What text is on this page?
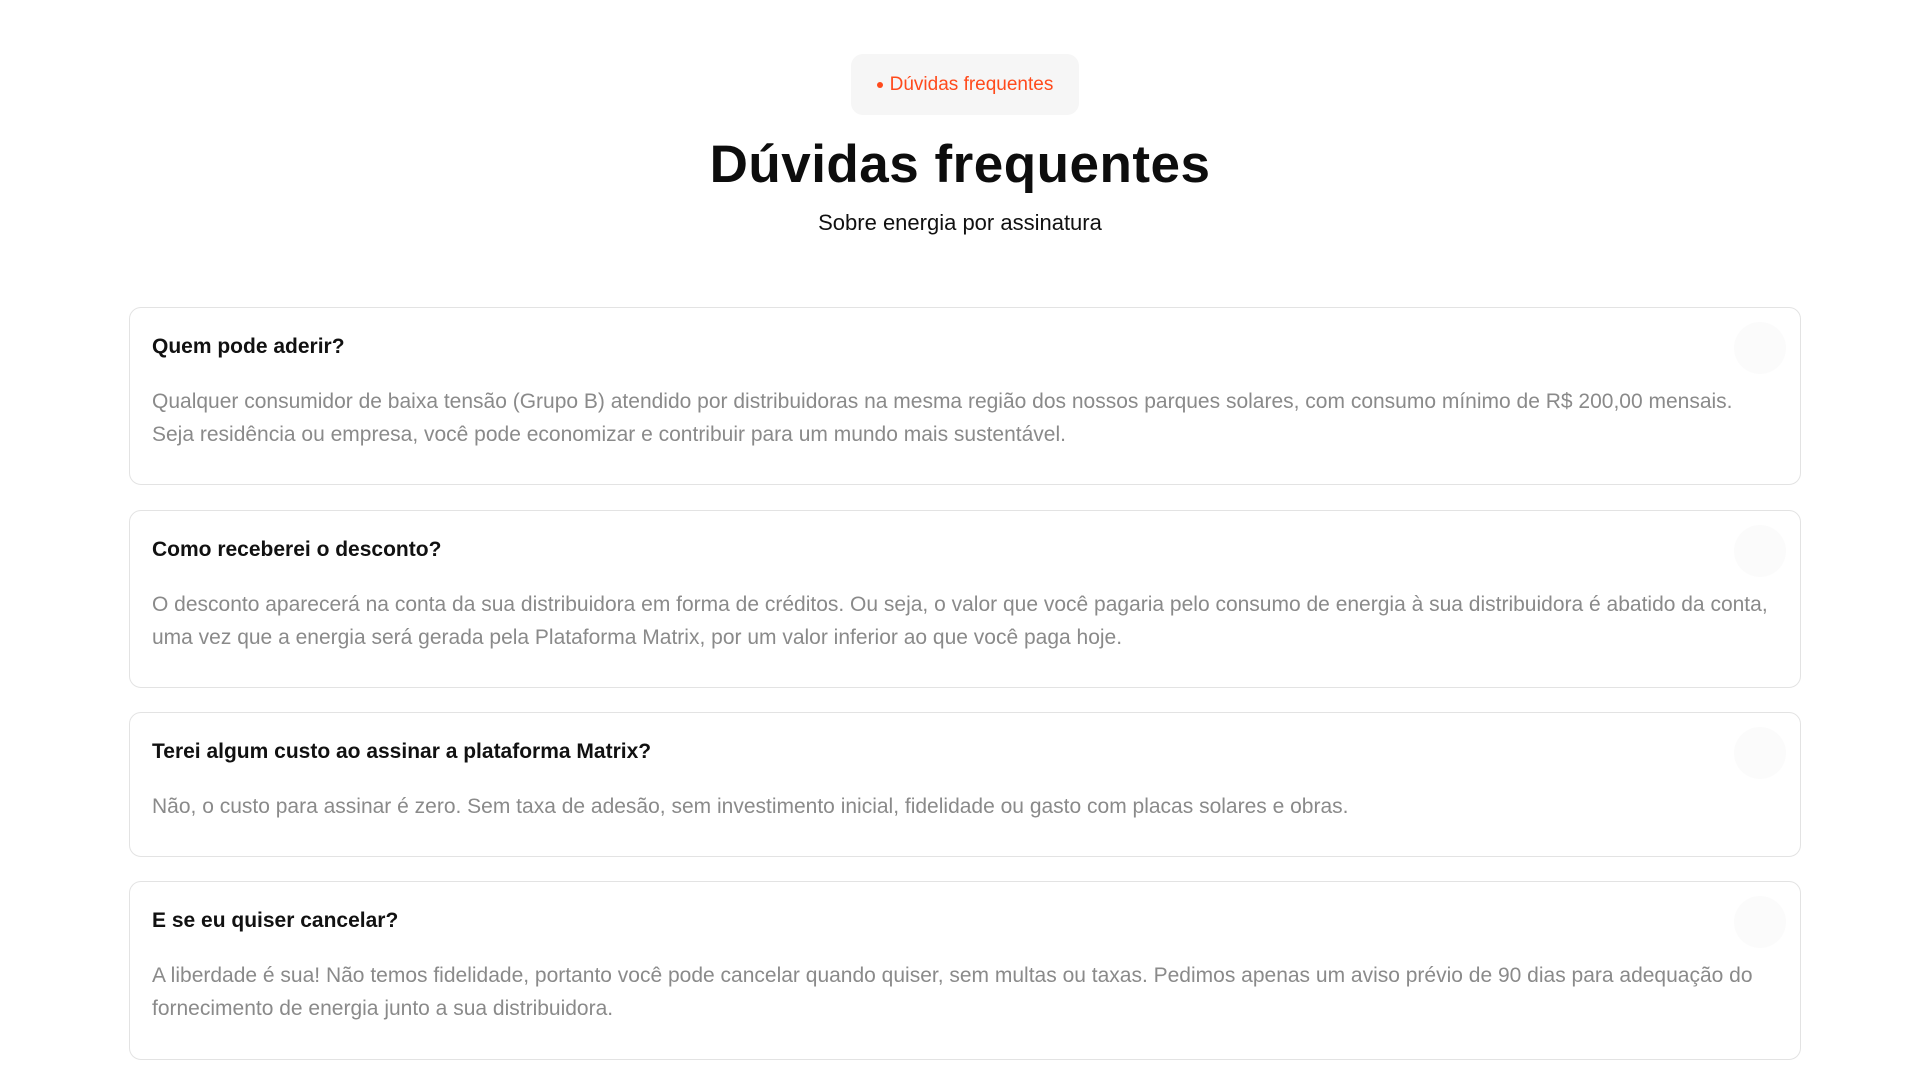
Dúvidas frequentes
Dúvidas frequentes
Sobre energia por assinatura
Quem pode aderir?
Qualquer consumidor de baixa tensão (Grupo B) atendido por distribuidoras na mesma região dos nossos parques solares, com consumo mínimo de R$ 200,00 mensais. Seja residência ou empresa, você pode economizar e contribuir para um mundo mais sustentável.
Como receberei o desconto?
O desconto aparecerá na conta da sua distribuidora em forma de créditos. Ou seja, o valor que você pagaria pelo consumo de energia à sua distribuidora é abatido da conta, uma vez que a energia será gerada pela Plataforma Matrix, por um valor inferior ao que você paga hoje.
Terei algum custo ao assinar a plataforma Matrix?
Não, o custo para assinar é zero. Sem taxa de adesão, sem investimento inicial, fidelidade ou gasto com placas solares e obras.
E se eu quiser cancelar?
A liberdade é sua! Não temos fidelidade, portanto você pode cancelar quando quiser, sem multas ou taxas. Pedimos apenas um aviso prévio de 90 dias para adequação do fornecimento de energia junto a sua distribuidora.
